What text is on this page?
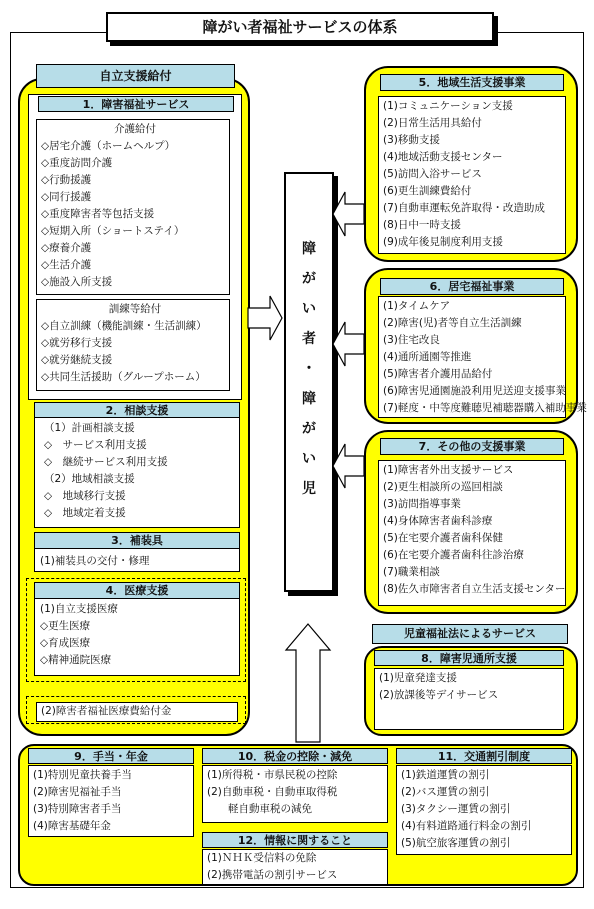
障がい者福祉サービスの体系
自立支援給付
1．障害福祉サービス
介護給付
◇居宅介護（ホームヘルプ）
◇重度訪問介護
◇行動援護
◇同行援護
◇重度障害者等包括支援
◇短期入所（ショートステイ）
◇療養介護
◇生活介護
◇施設入所支援
訓練等給付
◇自立訓練（機能訓練・生活訓練）
◇就労移行支援
◇就労継続支援
◇共同生活援助（グループホーム）
2．相談支援
（1）計画相談支援
◇　サービス利用支援
◇　継続サービス利用支援
（2）地域相談支援
◇　地域移行支援
◇　地域定着支援
3．補装具
(1)補装具の交付・修理
4．医療支援
(1)自立支援医療
◇更生医療
◇育成医療
◇精神通院医療
(2)障害者福祉医療費給付金
5．地域生活支援事業
(1)コミュニケーション支援
(2)日常生活用具給付
(3)移動支援
(4)地域活動支援センター
(5)訪問入浴サービス
(6)更生訓練費給付
(7)自動車運転免許取得・改造助成
(8)日中一時支援
(9)成年後見制度利用支援
6．居宅福祉事業
(1)タイムケア
(2)障害(児)者等自立生活訓練
(3)住宅改良
(4)通所通園等推進
(5)障害者介護用品給付
(6)障害児通園施設利用児送迎支援事業
(7)軽度・中等度難聴児補聴器購入補助事業
7．その他の支援事業
(1)障害者外出支援サービス
(2)更生相談所の巡回相談
(3)訪問指導事業
(4)身体障害者歯科診療
(5)在宅要介護者歯科保健
(6)在宅要介護者歯科往診治療
(7)職業相談
(8)佐久市障害者自立生活支援センター
児童福祉法によるサービス
8．障害児通所支援
(1)児童発達支援
(2)放課後等デイサービス
障
が
い
者
・
障
が
い
児
9．手当・年金
(1)特別児童扶養手当
(2)障害児福祉手当
(3)特別障害者手当
(4)障害基礎年金
10．税金の控除・減免
(1)所得税・市県民税の控除
(2)自動車税・自動車取得税
　　軽自動車税の減免
11．交通割引制度
(1)鉄道運賃の割引
(2)バス運賃の割引
(3)タクシー運賃の割引
(4)有料道路通行料金の割引
(5)航空旅客運賃の割引
12．情報に関すること
(1)ＮＨＫ受信料の免除
(2)携帯電話の割引サービス
